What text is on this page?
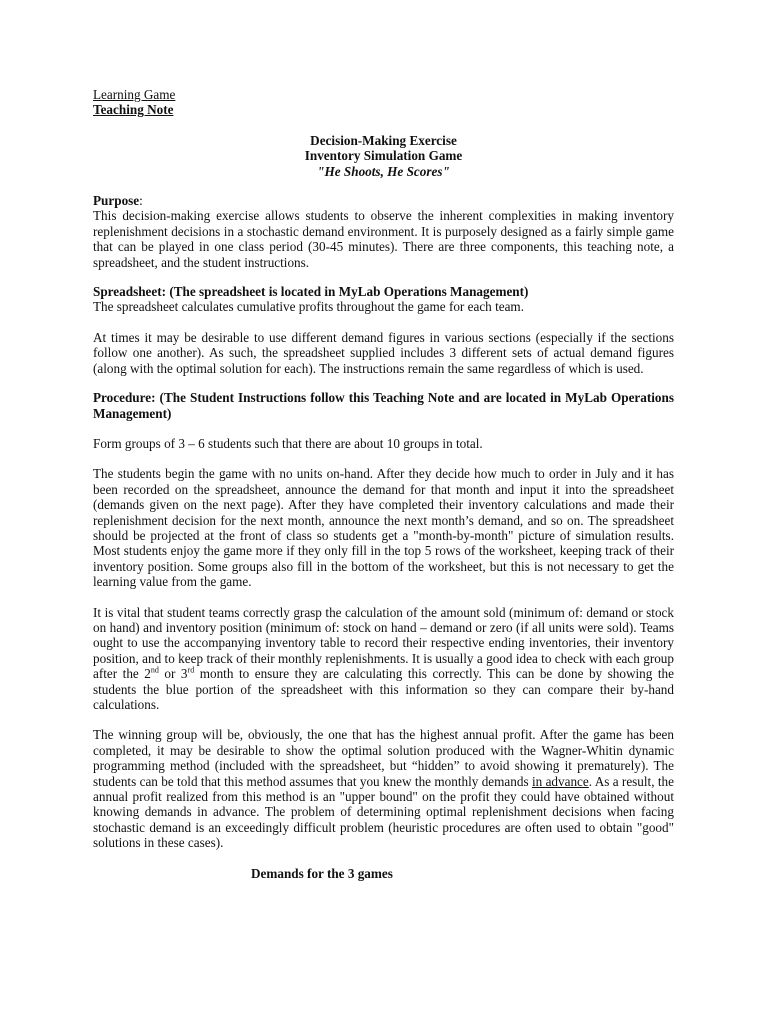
Learning Game
Teaching Note
Decision-Making Exercise
Inventory Simulation Game
"He Shoots, He Scores"
Purpose:

This decision-making exercise allows students to observe the inherent complexities in making inventory replenishment decisions in a stochastic demand environment. It is purposely designed as a fairly simple game that can be played in one class period (30-45 minutes). There are three components, this teaching note, a spreadsheet, and the student instructions.

Spreadsheet: (The spreadsheet is located in MyLab Operations Management)

The spreadsheet calculates cumulative profits throughout the game for each team.

At times it may be desirable to use different demand figures in various sections (especially if the sections follow one another). As such, the spreadsheet supplied includes 3 different sets of actual demand figures (along with the optimal solution for each). The instructions remain the same regardless of which is used.

Procedure: (The Student Instructions follow this Teaching Note and are located in MyLab Operations Management)

Form groups of 3 – 6 students such that there are about 10 groups in total.

The students begin the game with no units on-hand. After they decide how much to order in July and it has been recorded on the spreadsheet, announce the demand for that month and input it into the spreadsheet (demands given on the next page). After they have completed their inventory calculations and made their replenishment decision for the next month, announce the next month’s demand, and so on. The spreadsheet should be projected at the front of class so students get a "month-by-month" picture of simulation results. Most students enjoy the game more if they only fill in the top 5 rows of the worksheet, keeping track of their inventory position. Some groups also fill in the bottom of the worksheet, but this is not necessary to get the learning value from the game.

It is vital that student teams correctly grasp the calculation of the amount sold (minimum of: demand or stock on hand) and inventory position (minimum of: stock on hand – demand or zero (if all units were sold). Teams ought to use the accompanying inventory table to record their respective ending inventories, their inventory position, and to keep track of their monthly replenishments. It is usually a good idea to check with each group after the 2nd or 3rd month to ensure they are calculating this correctly. This can be done by showing the students the blue portion of the spreadsheet with this information so they can compare their by-hand calculations.

The winning group will be, obviously, the one that has the highest annual profit. After the game has been completed, it may be desirable to show the optimal solution produced with the Wagner-Whitin dynamic programming method (included with the spreadsheet, but “hidden” to avoid showing it prematurely). The students can be told that this method assumes that you knew the monthly demands in advance. As a result, the annual profit realized from this method is an "upper bound" on the profit they could have obtained without knowing demands in advance. The problem of determining optimal replenishment decisions when facing stochastic demand is an exceedingly difficult problem (heuristic procedures are often used to obtain "good" solutions in these cases).

Demands for the 3 games
